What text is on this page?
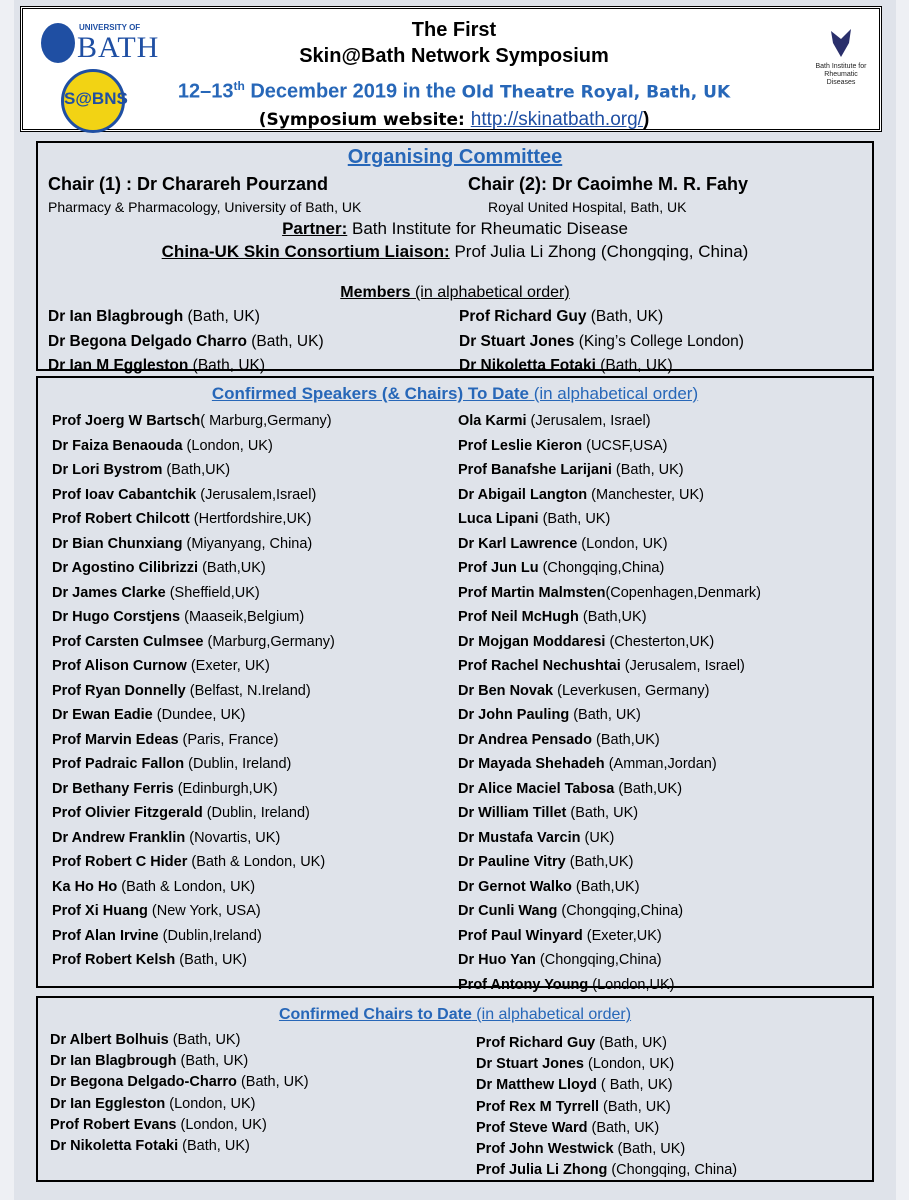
UNIVERSITY OF
BATH
S@BNS
Bath Institute for Rheumatic Diseases
The First
Skin@Bath Network Symposium
12–13th December 2019 in the Old Theatre Royal, Bath, UK
(Symposium website: http://skinatbath.org/)
Organising Committee
Chair (1) : Dr Charareh Pourzand
Pharmacy & Pharmacology, University of Bath, UK
Chair (2): Dr Caoimhe M. R. Fahy
Royal United Hospital, Bath, UK
Partner: Bath Institute for Rheumatic Disease
China-UK Skin Consortium Liaison: Prof Julia Li Zhong (Chongqing, China)
Members (in alphabetical order)
Dr Ian Blagbrough (Bath, UK)
Dr Begona Delgado Charro (Bath, UK)
Dr Ian M Eggleston (Bath, UK)
Prof Richard Guy (Bath, UK)
Dr Stuart Jones (King’s College London)
Dr Nikoletta Fotaki (Bath, UK)
Confirmed Speakers (& Chairs) To Date (in alphabetical order)
Prof Joerg W Bartsch( Marburg,Germany)
Dr Faiza Benaouda (London, UK)
Dr Lori Bystrom (Bath,UK)
Prof Ioav Cabantchik (Jerusalem,Israel)
Prof Robert Chilcott (Hertfordshire,UK)
Dr Bian Chunxiang (Miyanyang, China)
Dr Agostino Cilibrizzi (Bath,UK)
Dr James Clarke (Sheffield,UK)
Dr Hugo Corstjens (Maaseik,Belgium)
Prof Carsten Culmsee (Marburg,Germany)
Prof Alison Curnow (Exeter, UK)
Prof Ryan Donnelly (Belfast, N.Ireland)
Dr Ewan Eadie (Dundee, UK)
Prof Marvin Edeas (Paris, France)
Prof Padraic Fallon (Dublin, Ireland)
Dr Bethany Ferris (Edinburgh,UK)
Prof Olivier Fitzgerald (Dublin, Ireland)
Dr Andrew Franklin (Novartis, UK)
Prof Robert C Hider (Bath & London, UK)
Ka Ho Ho (Bath & London, UK)
Prof Xi Huang (New York, USA)
Prof Alan Irvine (Dublin,Ireland)
Prof Robert Kelsh (Bath, UK)
Ola Karmi (Jerusalem, Israel)
Prof Leslie Kieron (UCSF,USA)
Prof Banafshe Larijani (Bath, UK)
Dr Abigail Langton (Manchester, UK)
Luca Lipani (Bath, UK)
Dr Karl Lawrence (London, UK)
Prof Jun Lu (Chongqing,China)
Prof Martin Malmsten(Copenhagen,Denmark)
Prof Neil McHugh (Bath,UK)
Dr Mojgan Moddaresi (Chesterton,UK)
Prof Rachel Nechushtai (Jerusalem, Israel)
Dr Ben Novak (Leverkusen, Germany)
Dr John Pauling (Bath, UK)
Dr Andrea Pensado (Bath,UK)
Dr Mayada Shehadeh (Amman,Jordan)
Dr Alice Maciel Tabosa (Bath,UK)
Dr William Tillet (Bath, UK)
Dr Mustafa Varcin (UK)
Dr Pauline Vitry (Bath,UK)
Dr Gernot Walko (Bath,UK)
Dr Cunli Wang (Chongqing,China)
Prof Paul Winyard (Exeter,UK)
Dr Huo Yan (Chongqing,China)
Prof Antony Young (London,UK)
Confirmed Chairs to Date (in alphabetical order)
Dr Albert Bolhuis (Bath, UK)
Dr Ian Blagbrough (Bath, UK)
Dr Begona Delgado-Charro (Bath, UK)
Dr Ian Eggleston (London, UK)
Prof Robert Evans (London, UK)
Dr Nikoletta Fotaki (Bath, UK)
Prof Richard Guy (Bath, UK)
Dr Stuart Jones (London, UK)
Dr Matthew Lloyd ( Bath, UK)
Prof Rex M Tyrrell (Bath, UK)
Prof Steve Ward (Bath, UK)
Prof John Westwick (Bath, UK)
Prof Julia Li Zhong (Chongqing, China)
